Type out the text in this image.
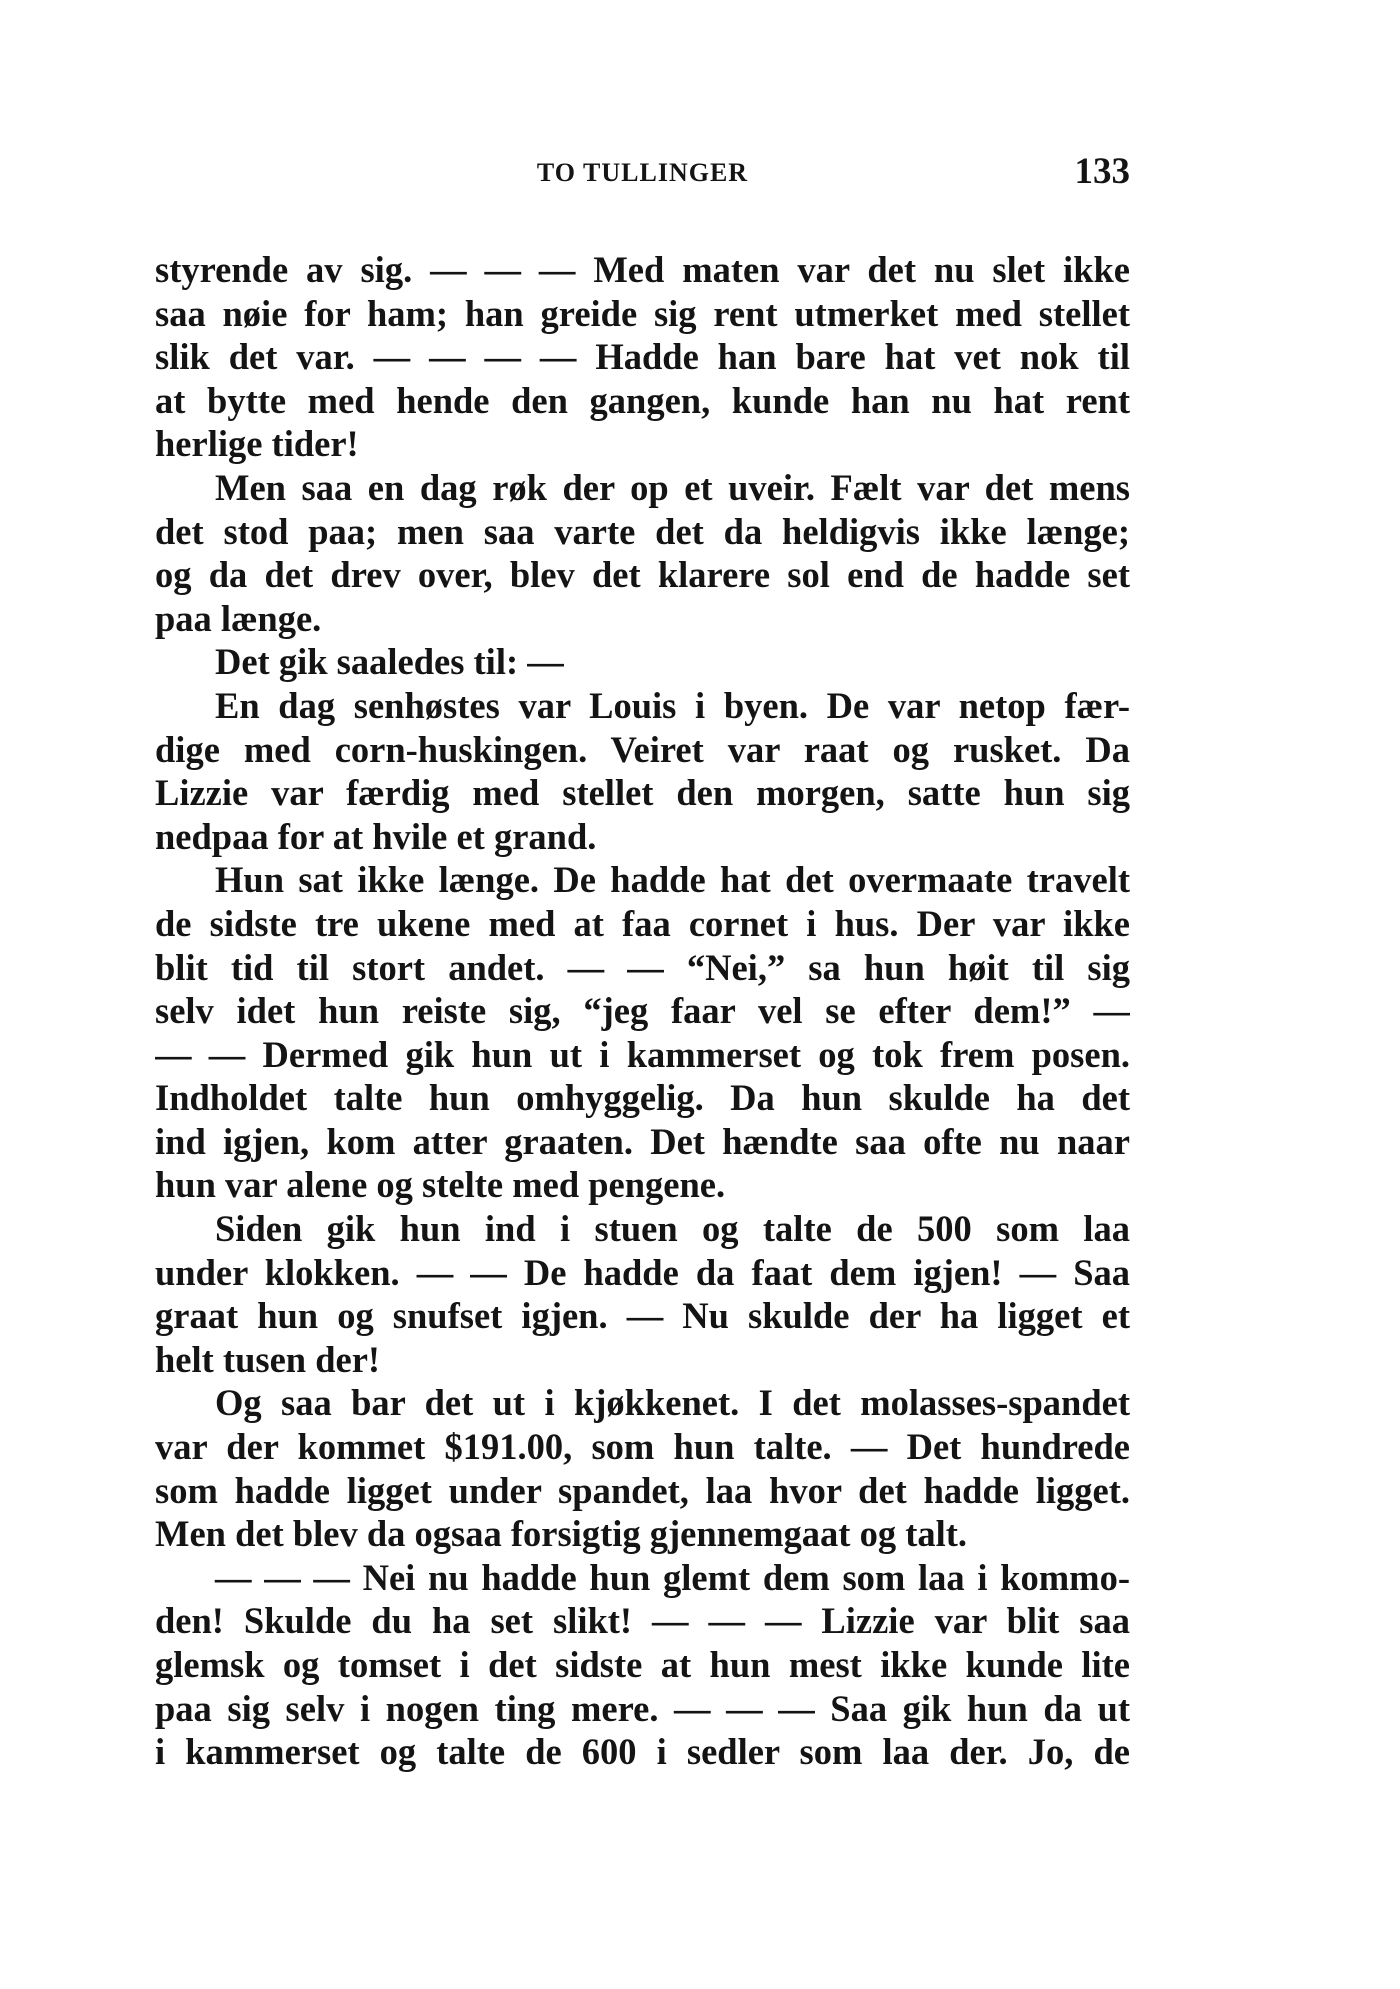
TO TULLINGER	133
styrende av sig. — — — Med maten var det nu slet ikke
saa nøie for ham; han greide sig rent utmerket med stellet
slik det var. — — — — Hadde han bare hat vet nok til
at bytte med hende den gangen, kunde han nu hat rent
herlige tider!
Men saa en dag røk der op et uveir. Fælt var det mens
det stod paa; men saa varte det da heldigvis ikke længe;
og da det drev over, blev det klarere sol end de hadde set
paa længe.
Det gik saaledes til: —
En dag senhøstes var Louis i byen. De var netop fær-
dige med corn-huskingen. Veiret var raat og rusket. Da
Lizzie var færdig med stellet den morgen, satte hun sig
nedpaa for at hvile et grand.
Hun sat ikke længe. De hadde hat det overmaate travelt
de sidste tre ukene med at faa cornet i hus. Der var ikke
blit tid til stort andet. — — “Nei,” sa hun høit til sig
selv idet hun reiste sig, “jeg faar vel se efter dem!” —
— — Dermed gik hun ut i kammerset og tok frem posen.
Indholdet talte hun omhyggelig. Da hun skulde ha det
ind igjen, kom atter graaten. Det hændte saa ofte nu naar
hun var alene og stelte med pengene.
Siden gik hun ind i stuen og talte de 500 som laa
under klokken. — — De hadde da faat dem igjen! — Saa
graat hun og snufset igjen. — Nu skulde der ha ligget et
helt tusen der!
Og saa bar det ut i kjøkkenet. I det molasses-spandet
var der kommet $191.00, som hun talte. — Det hundrede
som hadde ligget under spandet, laa hvor det hadde ligget.
Men det blev da ogsaa forsigtig gjennemgaat og talt.
— — — Nei nu hadde hun glemt dem som laa i kommo-
den! Skulde du ha set slikt! — — — Lizzie var blit saa
glemsk og tomset i det sidste at hun mest ikke kunde lite
paa sig selv i nogen ting mere. — — — Saa gik hun da ut
i kammerset og talte de 600 i sedler som laa der. Jo, de
